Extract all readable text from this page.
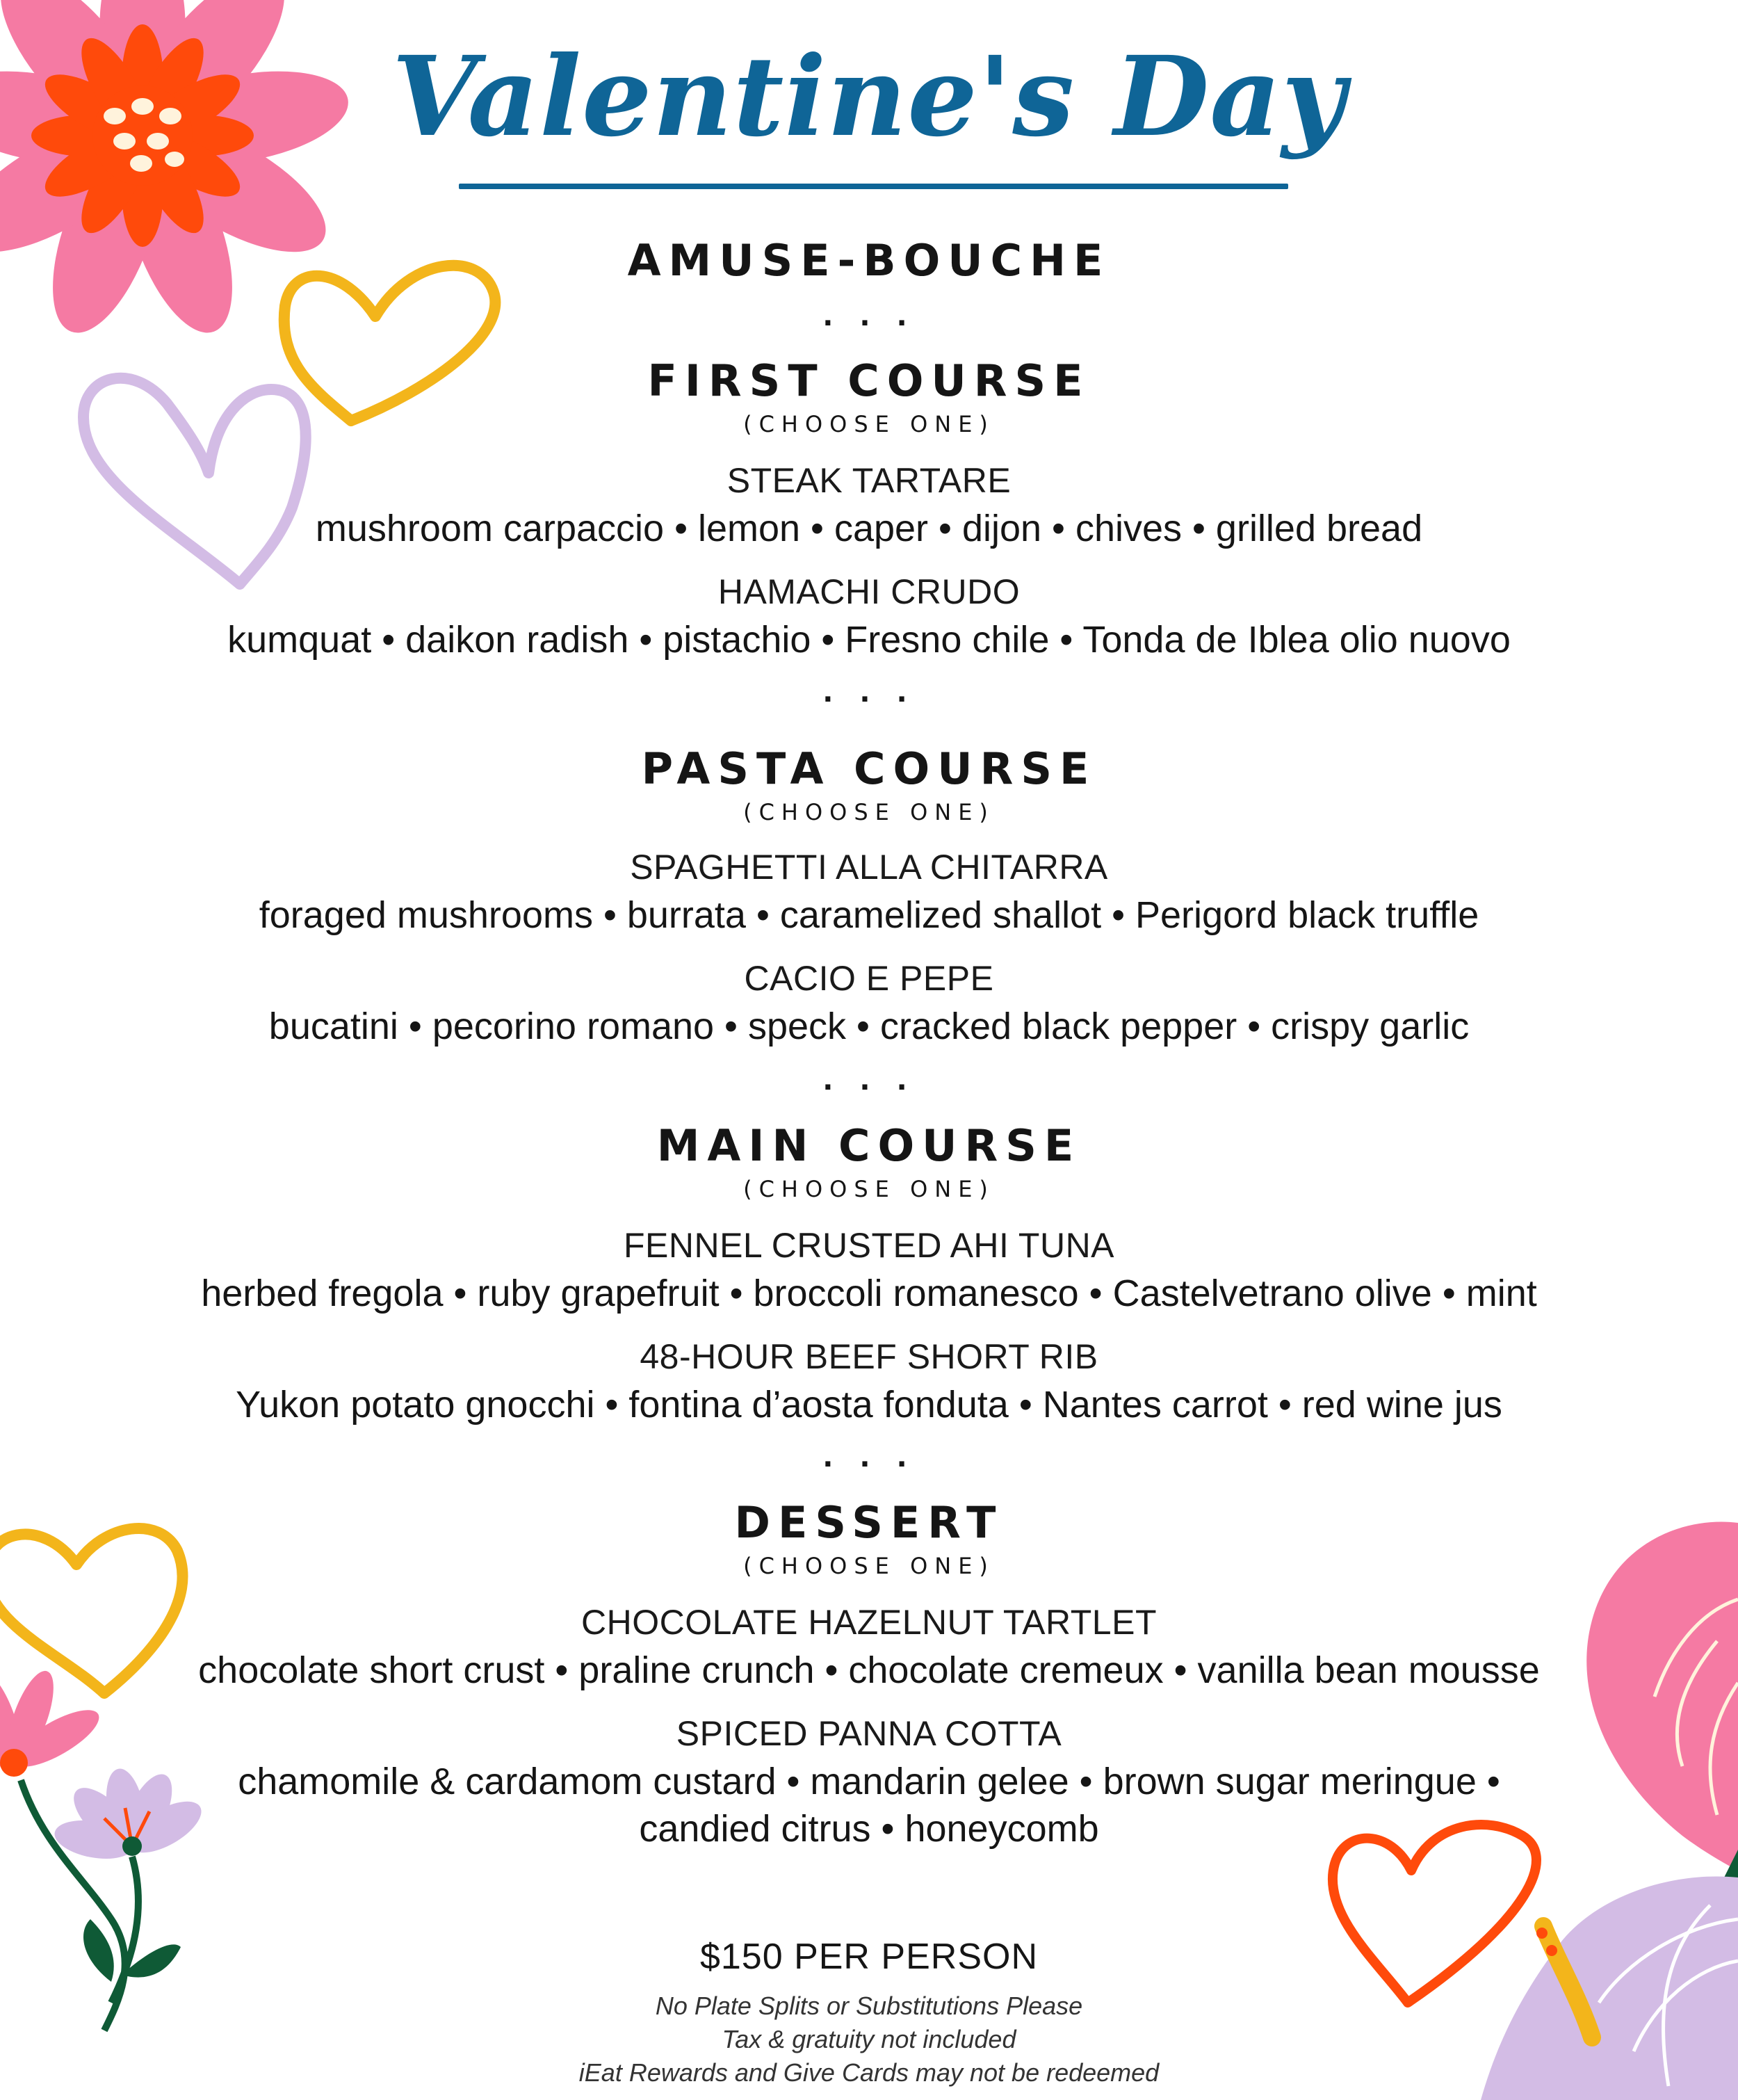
Valentine's Day
AMUSE-BOUCHE
. . .
FIRST COURSE
(CHOOSE ONE)
STEAK TARTARE
mushroom carpaccio • lemon • caper • dijon • chives • grilled bread
HAMACHI CRUDO
kumquat • daikon radish • pistachio • Fresno chile • Tonda de Iblea olio nuovo
. . .
PASTA COURSE
(CHOOSE ONE)
SPAGHETTI ALLA CHITARRA
foraged mushrooms • burrata • caramelized shallot • Perigord black truffle
CACIO E PEPE
bucatini • pecorino romano • speck • cracked black pepper • crispy garlic
. . .
MAIN COURSE
(CHOOSE ONE)
FENNEL CRUSTED AHI TUNA
herbed fregola • ruby grapefruit • broccoli romanesco • Castelvetrano olive • mint
48-HOUR BEEF SHORT RIB
Yukon potato gnocchi • fontina d’aosta fonduta • Nantes carrot • red wine jus
. . .
DESSERT
(CHOOSE ONE)
CHOCOLATE HAZELNUT TARTLET
chocolate short crust • praline crunch • chocolate cremeux • vanilla bean mousse
SPICED PANNA COTTA
chamomile & cardamom custard • mandarin gelee • brown sugar meringue •
candied citrus • honeycomb
$150 PER PERSON
No Plate Splits or Substitutions Please
Tax & gratuity not included
iEat Rewards and Give Cards may not be redeemed
